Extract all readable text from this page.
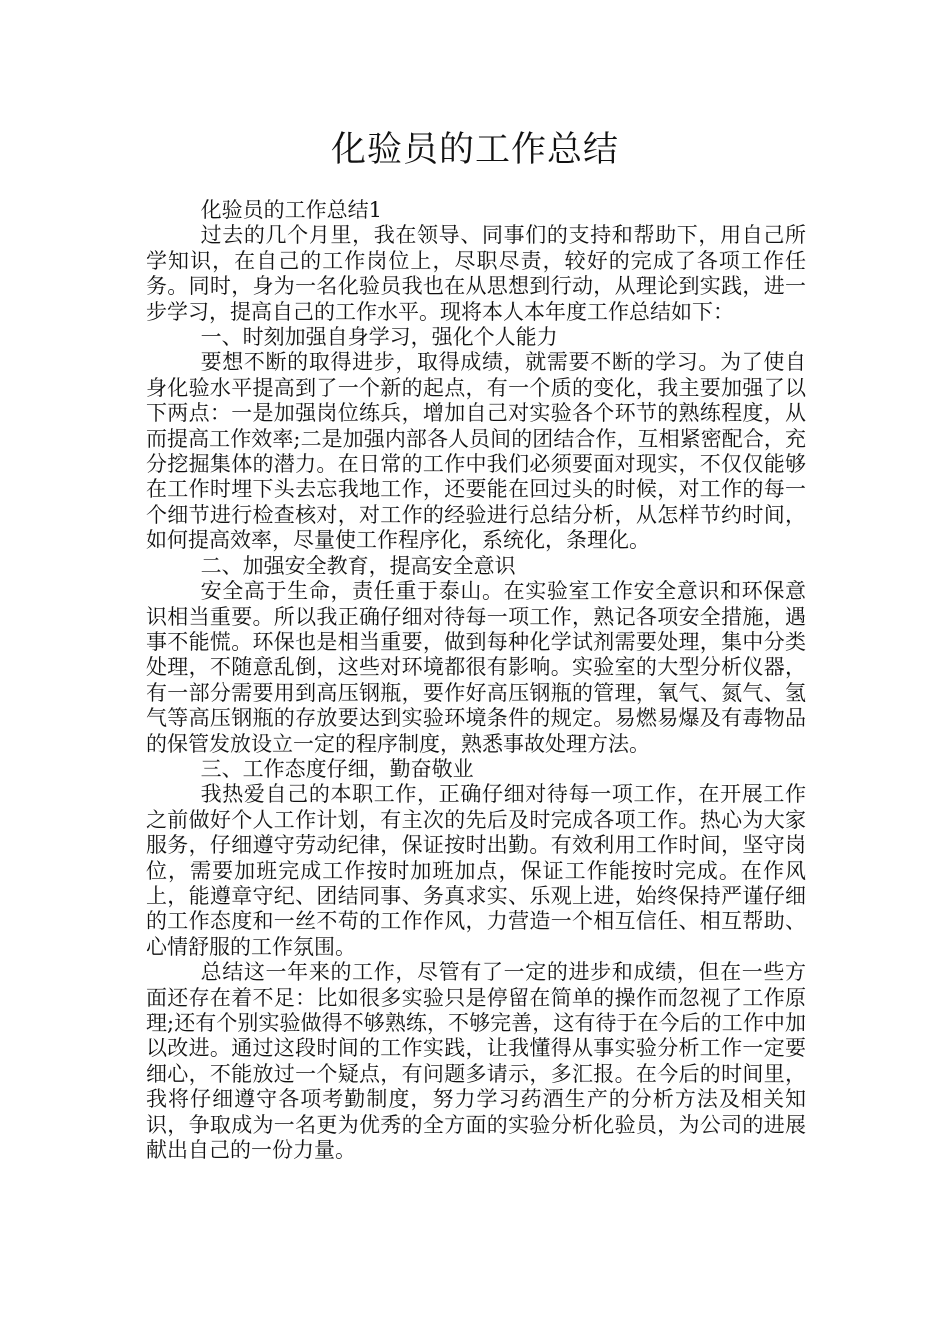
化验员的工作总结

化验员的工作总结1

过去的几个月里，我在领导、同事们的支持和帮助下，用自己所学知识，在自己的工作岗位上，尽职尽责，较好的完成了各项工作任务。同时，身为一名化验员我也在从思想到行动，从理论到实践，进一步学习，提高自己的工作水平。现将本人本年度工作总结如下：

一、时刻加强自身学习，强化个人能力

要想不断的取得进步，取得成绩，就需要不断的学习。为了使自身化验水平提高到了一个新的起点，有一个质的变化，我主要加强了以下两点：一是加强岗位练兵，增加自己对实验各个环节的熟练程度，从而提高工作效率;二是加强内部各人员间的团结合作，互相紧密配合，充分挖掘集体的潜力。在日常的工作中我们必须要面对现实，不仅仅能够在工作时埋下头去忘我地工作，还要能在回过头的时候，对工作的每一个细节进行检查核对，对工作的经验进行总结分析，从怎样节约时间，如何提高效率，尽量使工作程序化，系统化，条理化。

二、加强安全教育，提高安全意识

安全高于生命，责任重于泰山。在实验室工作安全意识和环保意识相当重要。所以我正确仔细对待每一项工作，熟记各项安全措施，遇事不能慌。环保也是相当重要，做到每种化学试剂需要处理，集中分类处理，不随意乱倒，这些对环境都很有影响。实验室的大型分析仪器，有一部分需要用到高压钢瓶，要作好高压钢瓶的管理，氧气、氮气、氢气等高压钢瓶的存放要达到实验环境条件的规定。易燃易爆及有毒物品的保管发放设立一定的程序制度，熟悉事故处理方法。

三、工作态度仔细，勤奋敬业

我热爱自己的本职工作，正确仔细对待每一项工作，在开展工作之前做好个人工作计划，有主次的先后及时完成各项工作。热心为大家服务，仔细遵守劳动纪律，保证按时出勤。有效利用工作时间，坚守岗位，需要加班完成工作按时加班加点，保证工作能按时完成。在作风上，能遵章守纪、团结同事、务真求实、乐观上进，始终保持严谨仔细的工作态度和一丝不苟的工作作风，力营造一个相互信任、相互帮助、心情舒服的工作氛围。

总结这一年来的工作，尽管有了一定的进步和成绩，但在一些方面还存在着不足：比如很多实验只是停留在简单的操作而忽视了工作原理;还有个别实验做得不够熟练，不够完善，这有待于在今后的工作中加以改进。通过这段时间的工作实践，让我懂得从事实验分析工作一定要细心，不能放过一个疑点，有问题多请示，多汇报。在今后的时间里，我将仔细遵守各项考勤制度，努力学习药酒生产的分析方法及相关知识，争取成为一名更为优秀的全方面的实验分析化验员，为公司的进展献出自己的一份力量。
